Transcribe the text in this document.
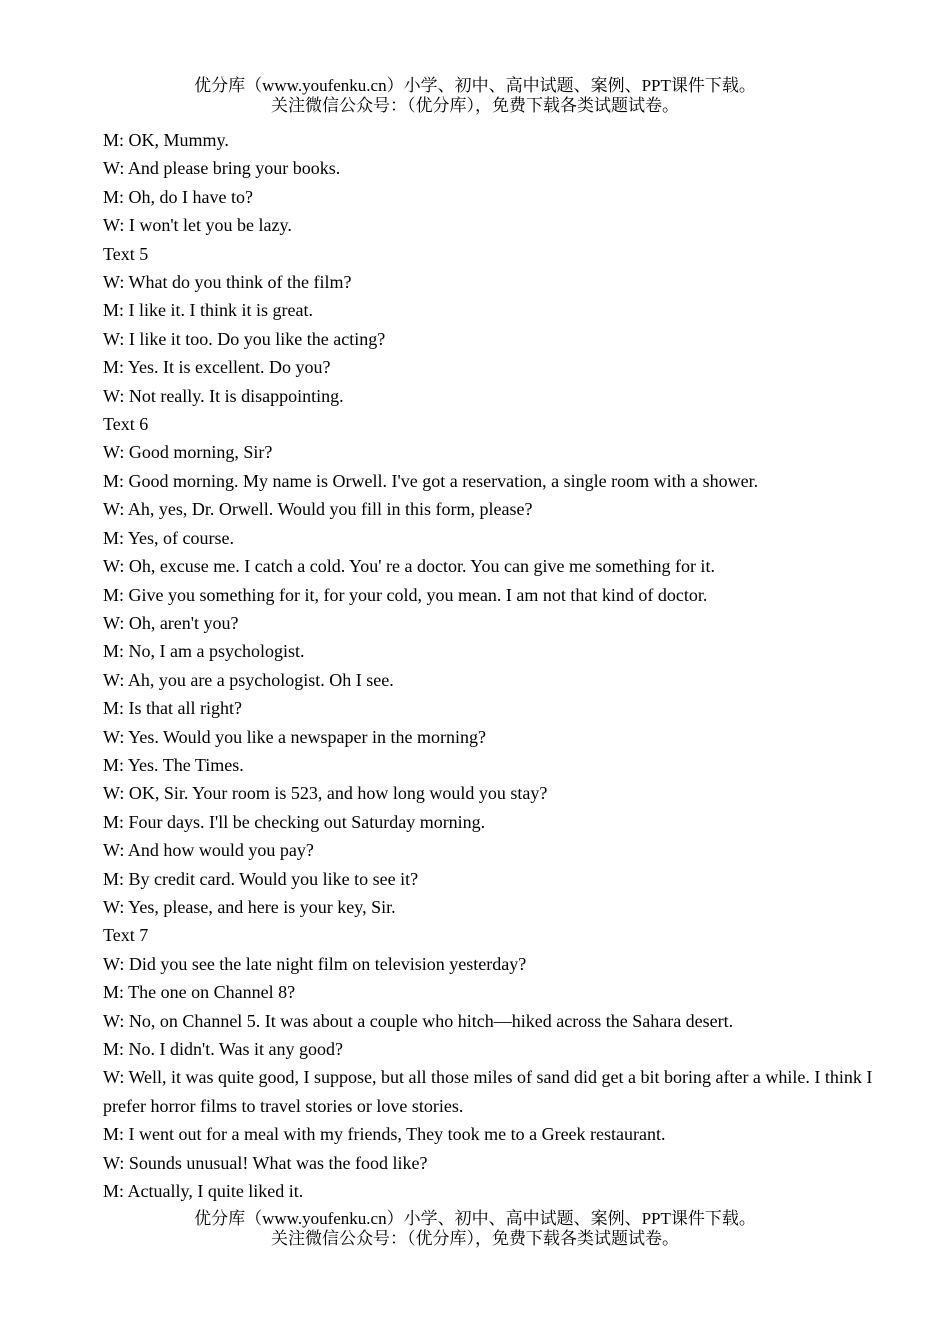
优分库（www.youfenku.cn）小学、初中、高中试题、案例、PPT课件下载。
关注微信公众号：（优分库），免费下载各类试题试卷。

M: OK, Mummy.

W: And please bring your books.

M: Oh, do I have to?

W: I won't let you be lazy.

Text 5

W: What do you think of the film?

M: I like it. I think it is great.

W: I like it too. Do you like the acting?

M: Yes. It is excellent. Do you?

W: Not really. It is disappointing.

Text 6

W: Good morning, Sir?

M: Good morning. My name is Orwell. I've got a reservation, a single room with a shower.

W: Ah, yes, Dr. Orwell. Would you fill in this form, please?

M: Yes, of course.

W: Oh, excuse me. I catch a cold. You' re a doctor. You can give me something for it.

M: Give you something for it, for your cold, you mean. I am not that kind of doctor.

W: Oh, aren't you?

M: No, I am a psychologist.

W: Ah, you are a psychologist. Oh I see.

M: Is that all right?

W: Yes. Would you like a newspaper in the morning?

M: Yes. The Times.

W: OK, Sir. Your room is 523, and how long would you stay?

M: Four days. I'll be checking out Saturday morning.

W: And how would you pay?

M: By credit card. Would you like to see it?

W: Yes, please, and here is your key, Sir.

Text 7

W: Did you see the late night film on television yesterday?

M: The one on Channel 8?

W: No, on Channel 5. It was about a couple who hitch—hiked across the Sahara desert.

M: No. I didn't. Was it any good?

W: Well, it was quite good, I suppose, but all those miles of sand did get a bit boring after a while. I think I prefer horror films to travel stories or love stories.

M: I went out for a meal with my friends, They took me to a Greek restaurant.

W: Sounds unusual! What was the food like?

M: Actually, I quite liked it.

优分库（www.youfenku.cn）小学、初中、高中试题、案例、PPT课件下载。
关注微信公众号：（优分库），免费下载各类试题试卷。
